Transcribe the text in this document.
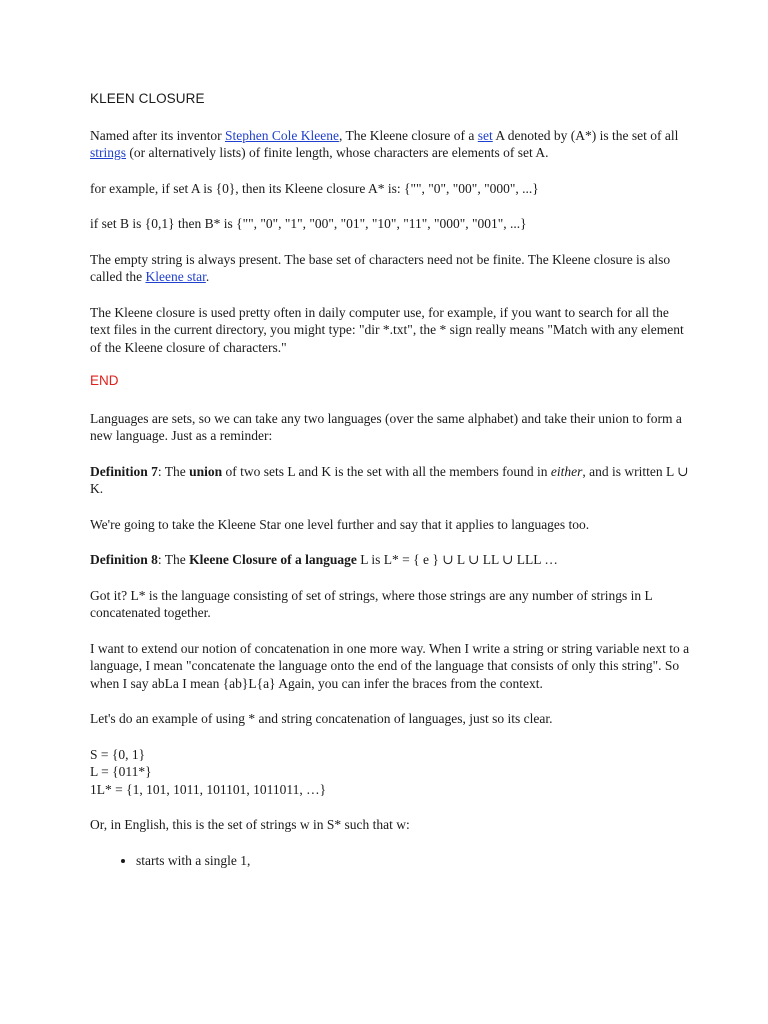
KLEEN CLOSURE

Named after its inventor Stephen Cole Kleene, The Kleene closure of a set A denoted by (A*) is the set of all strings (or alternatively lists) of finite length, whose characters are elements of set A.

for example, if set A is {0}, then its Kleene closure A* is: {"", "0", "00", "000", ...}

if set B is {0,1} then B* is {"", "0", "1", "00", "01", "10", "11", "000", "001", ...}

The empty string is always present. The base set of characters need not be finite. The Kleene closure is also called the Kleene star.

The Kleene closure is used pretty often in daily computer use, for example, if you want to search for all the text files in the current directory, you might type: "dir *.txt", the * sign really means "Match with any element of the Kleene closure of characters."

END

Languages are sets, so we can take any two languages (over the same alphabet) and take their union to form a new language. Just as a reminder:

Definition 7: The union of two sets L and K is the set with all the members found in either, and is written L ∪ K.

We're going to take the Kleene Star one level further and say that it applies to languages too.

Definition 8: The Kleene Closure of a language L is L* = { e } ∪ L ∪ LL ∪ LLL …

Got it? L* is the language consisting of set of strings, where those strings are any number of strings in L concatenated together.

I want to extend our notion of concatenation in one more way. When I write a string or string variable next to a language, I mean "concatenate the language onto the end of the language that consists of only this string". So when I say abLa I mean {ab}L{a} Again, you can infer the braces from the context.

Let's do an example of using * and string concatenation of languages, just so its clear.

S = {0, 1}

L = {011*}

1L* = {1, 101, 1011, 101101, 1011011, …}

Or, in English, this is the set of strings w in S* such that w:

• starts with a single 1,
